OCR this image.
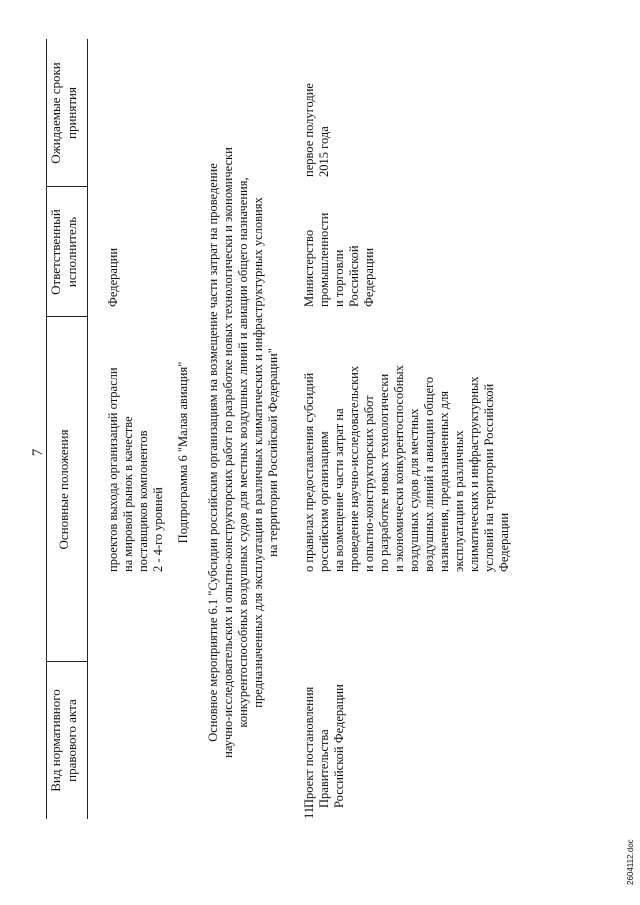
7
Вид нормативного правового акта
Основные положения
Ответственный исполнитель
Ожидаемые сроки принятия
проектов выхода организаций отрасли на мировой рынок в качестве поставщиков компонентов 2 - 4-го уровней
Федерации
Подпрограмма 6 "Малая авиация" Основное мероприятие 6.1 "Субсидии российским организациям на возмещение части затрат на проведение научно-исследовательских и опытно-конструкторских работ по разработке новых технологически и экономически конкурентоспособных воздушных судов для местных воздушных линий и авиации общего назначения, предназначенных для эксплуатации в различных климатических и инфраструктурных условиях на территории Российской Федерации"
11.
Проект постановления Правительства Российской Федерации
о правилах предоставления субсидий российским организациям на возмещение части затрат на проведение научно-исследовательских и опытно-конструкторских работ по разработке новых технологически и экономически конкурентоспособных воздушных судов для местных воздушных линий и авиации общего назначения, предназначенных для эксплуатации в различных климатических и инфраструктурных условий на территории Российской Федерации
Министерство промышленности и торговли Российской Федерации
первое полугодие 2015 года
2604112.doc
